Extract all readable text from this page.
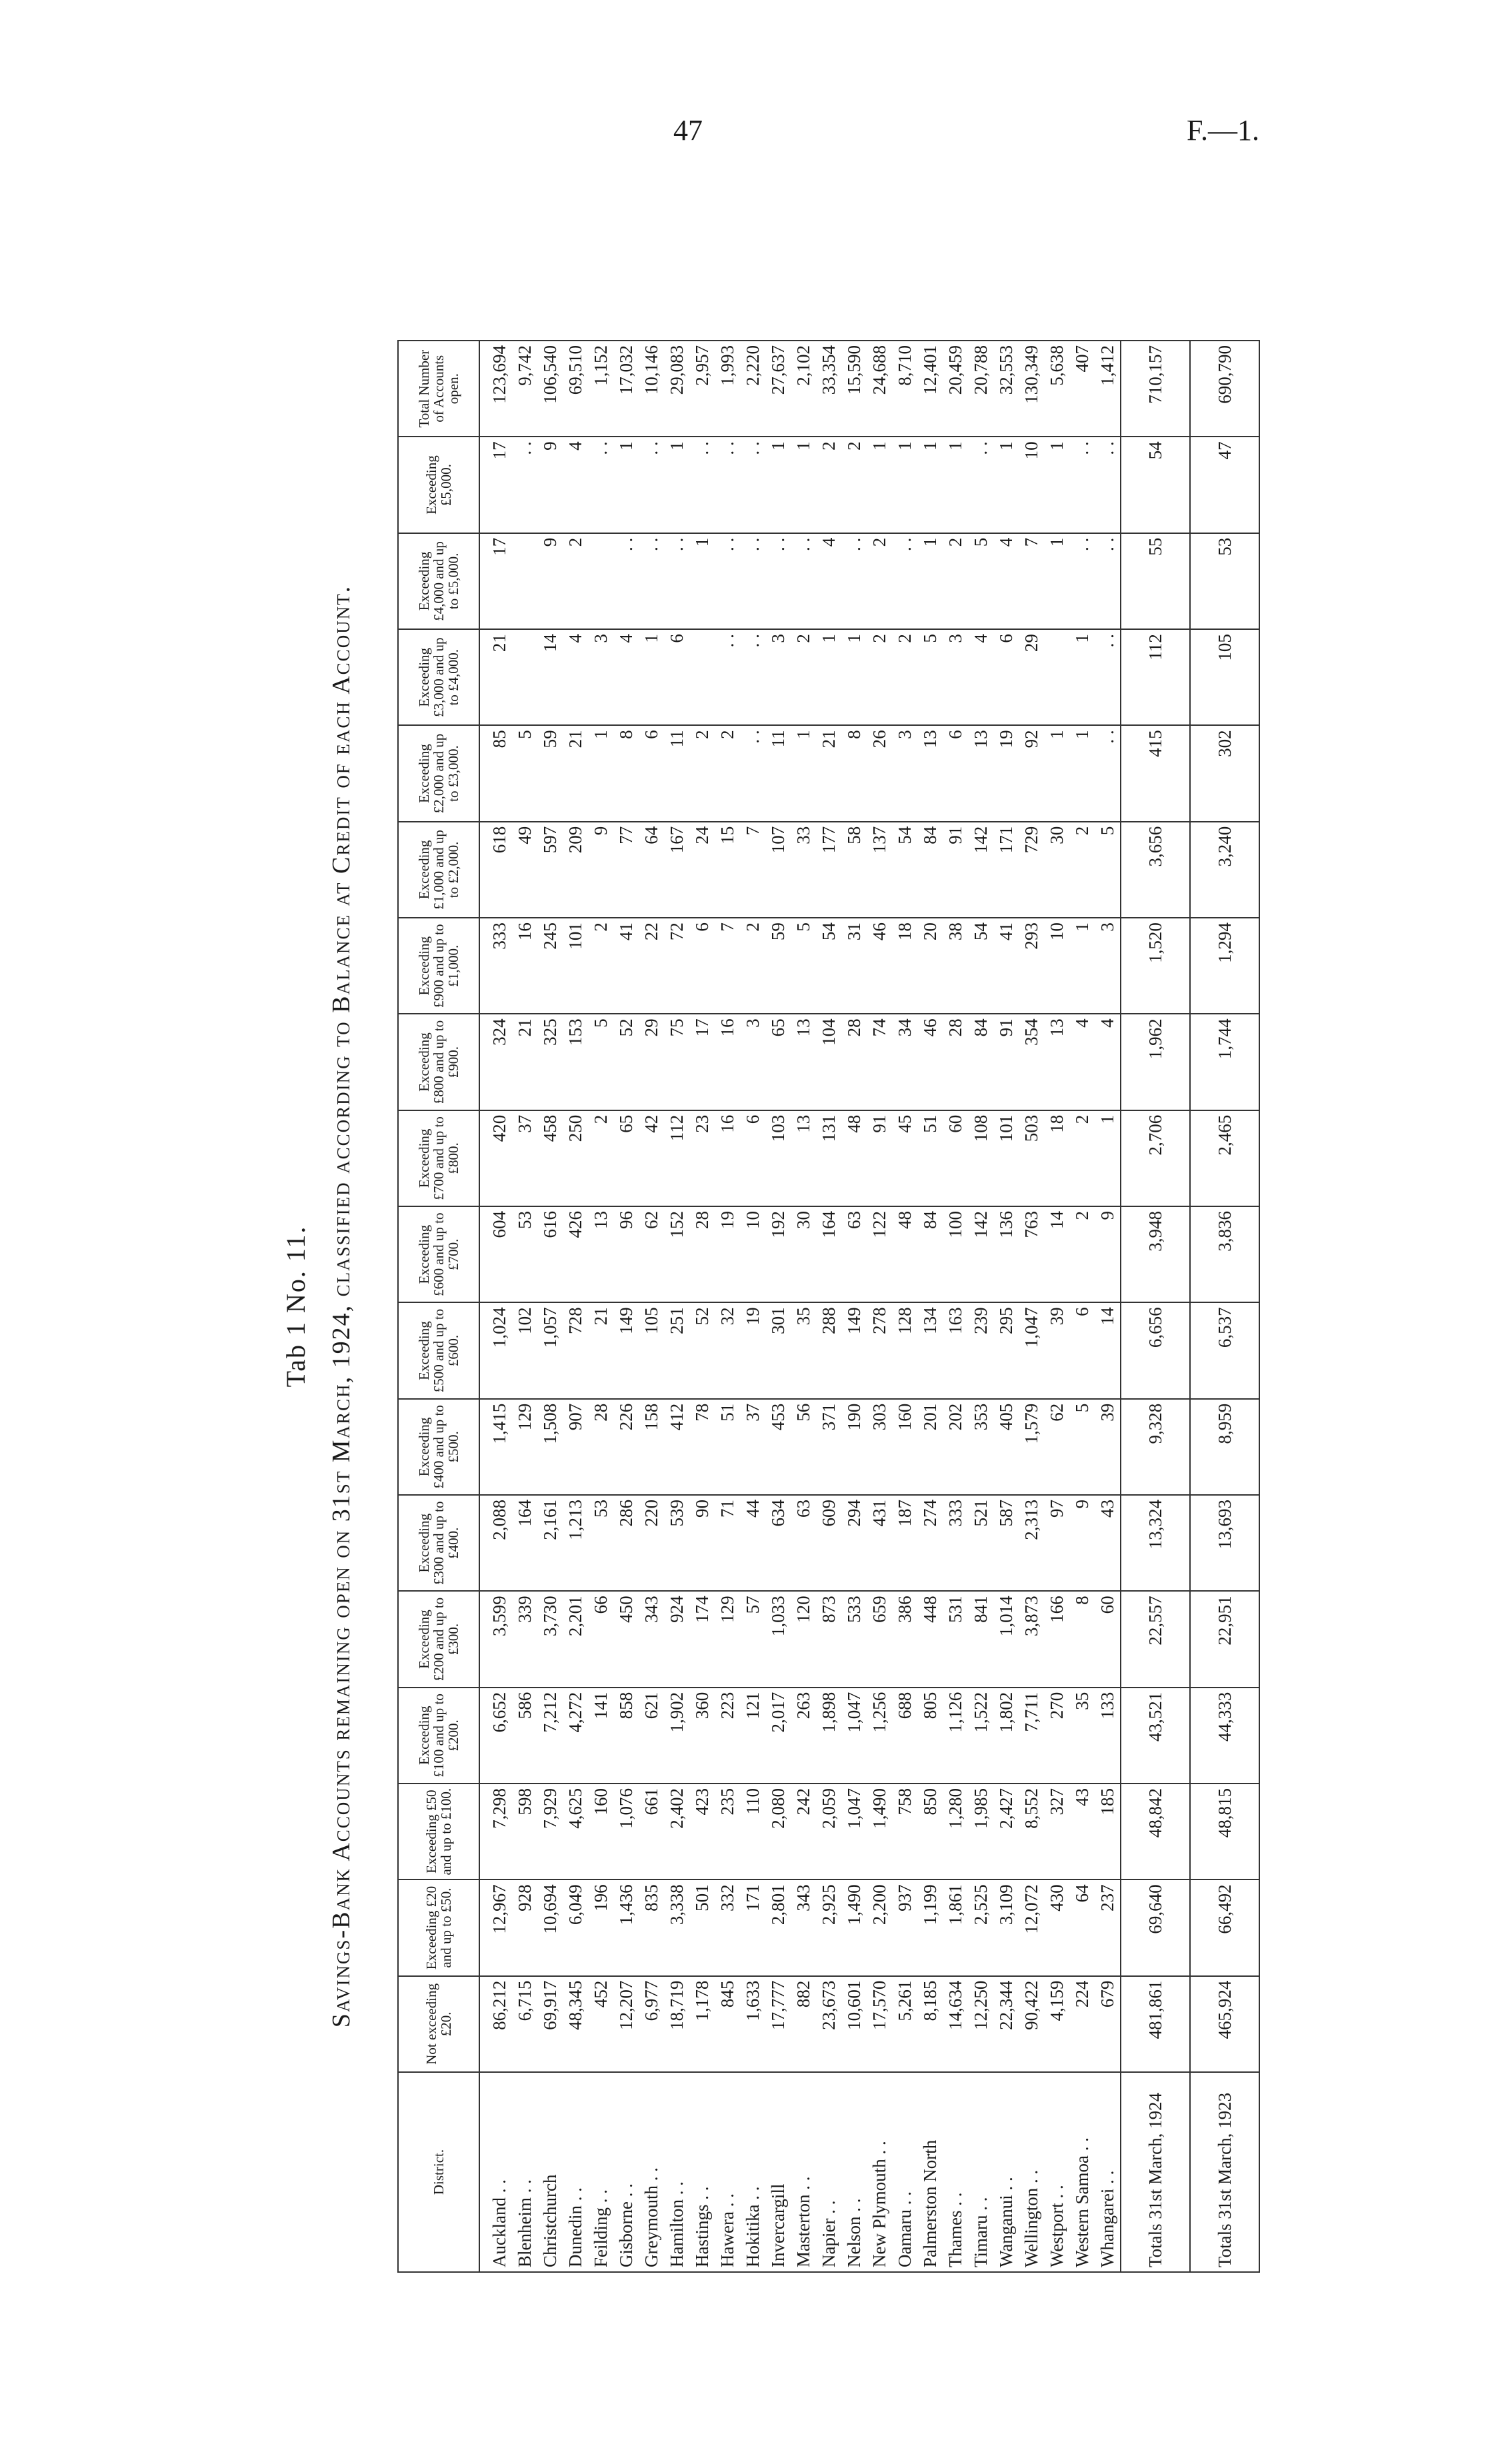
47	F.—1.
Tab 1 No. 11. Savings-Bank Accounts remaining open on 31st March, 1924, classified according to Balance at Credit of each Account.
District.	Not exceeding £20.	Exceeding £20 and up to £50.	Exceeding £50 and up to £100.	Exceeding £100 and up to £200.	Exceeding £200 and up to £300.	Exceeding £300 and up to £400.	Exceeding £400 and up to £500.	Exceeding £500 and up to £600.	Exceeding £600 and up to £700.	Exceeding £700 and up to £800.	Exceeding £800 and up to £900.	Exceeding £900 and up to £1,000.	Exceeding £1,000 and up to £2,000.	Exceeding £2,000 and up to £3,000.	Exceeding £3,000 and up to £4,000.	Exceeding £4,000 and up to £5,000.	Exceeding £5,000.	Total Number of Accounts open.
Auckland . .	86,212	12,967	7,298	6,652	3,599	2,088	1,415	1,024	604	420	324	333	618	85	21	17	17	123,694
Blenheim . .	6,715	928	598	586	339	164	129	102	53	37	21	16	49	5			. .	9,742
Christchurch	69,917	10,694	7,929	7,212	3,730	2,161	1,508	1,057	616	458	325	245	597	59	14	9	9	106,540
Dunedin . .	48,345	6,049	4,625	4,272	2,201	1,213	907	728	426	250	153	101	209	21	4	2	4	69,510
Feilding . .	452	196	160	141	66	53	28	21	13	2	5	2	9	1	3		. .	1,152
Gisborne . .	12,207	1,436	1,076	858	450	286	226	149	96	65	52	41	77	8	4	. .	1	17,032
Greymouth . .	6,977	835	661	621	343	220	158	105	62	42	29	22	64	6	1	. .	. .	10,146
Hamilton . .	18,719	3,338	2,402	1,902	924	539	412	251	152	112	75	72	167	11	6	. .	1	29,083
Hastings . .	1,178	501	423	360	174	90	78	52	28	23	17	6	24	2		1	. .	2,957
Hawera . .	845	332	235	223	129	71	51	32	19	16	16	7	15	2	. .	. .	. .	1,993
Hokitika . .	1,633	171	110	121	57	44	37	19	10	6	3	2	7	. .	. .	. .	. .	2,220
Invercargill	17,777	2,801	2,080	2,017	1,033	634	453	301	192	103	65	59	107	11	3	. .	1	27,637
Masterton . .	882	343	242	263	120	63	56	35	30	13	13	5	33	1	2	. .	1	2,102
Napier . .	23,673	2,925	2,059	1,898	873	609	371	288	164	131	104	54	177	21	1	4	2	33,354
Nelson . .	10,601	1,490	1,047	1,047	533	294	190	149	63	48	28	31	58	8	1	. .	2	15,590
New Plymouth . .	17,570	2,200	1,490	1,256	659	431	303	278	122	91	74	46	137	26	2	2	1	24,688
Oamaru . .	5,261	937	758	688	386	187	160	128	48	45	34	18	54	3	2	. .	1	8,710
Palmerston North	8,185	1,199	850	805	448	274	201	134	84	51	46	20	84	13	5	1	1	12,401
Thames . .	14,634	1,861	1,280	1,126	531	333	202	163	100	60	28	38	91	6	3	2	1	20,459
Timaru . .	12,250	2,525	1,985	1,522	841	521	353	239	142	108	84	54	142	13	4	5	. .	20,788
Wanganui . .	22,344	3,109	2,427	1,802	1,014	587	405	295	136	101	91	41	171	19	6	4	1	32,553
Wellington . .	90,422	12,072	8,552	7,711	3,873	2,313	1,579	1,047	763	503	354	293	729	92	29	7	10	130,349
Westport . .	4,159	430	327	270	166	97	62	39	14	18	13	10	30	1		1	1	5,638
Western Samoa . .	224	64	43	35	8	9	5	6	2	2	4	1	2	1	1	. .	. .	407
Whangarei . .	679	237	185	133	60	43	39	14	9	1	4	3	5	. .	. .	. .	. .	1,412
Totals 31st March, 1924	481,861	69,640	48,842	43,521	22,557	13,324	9,328	6,656	3,948	2,706	1,962	1,520	3,656	415	112	55	54	710,157
Totals 31st March, 1923	465,924	66,492	48,815	44,333	22,951	13,693	8,959	6,537	3,836	2,465	1,744	1,294	3,240	302	105	53	47	690,790
